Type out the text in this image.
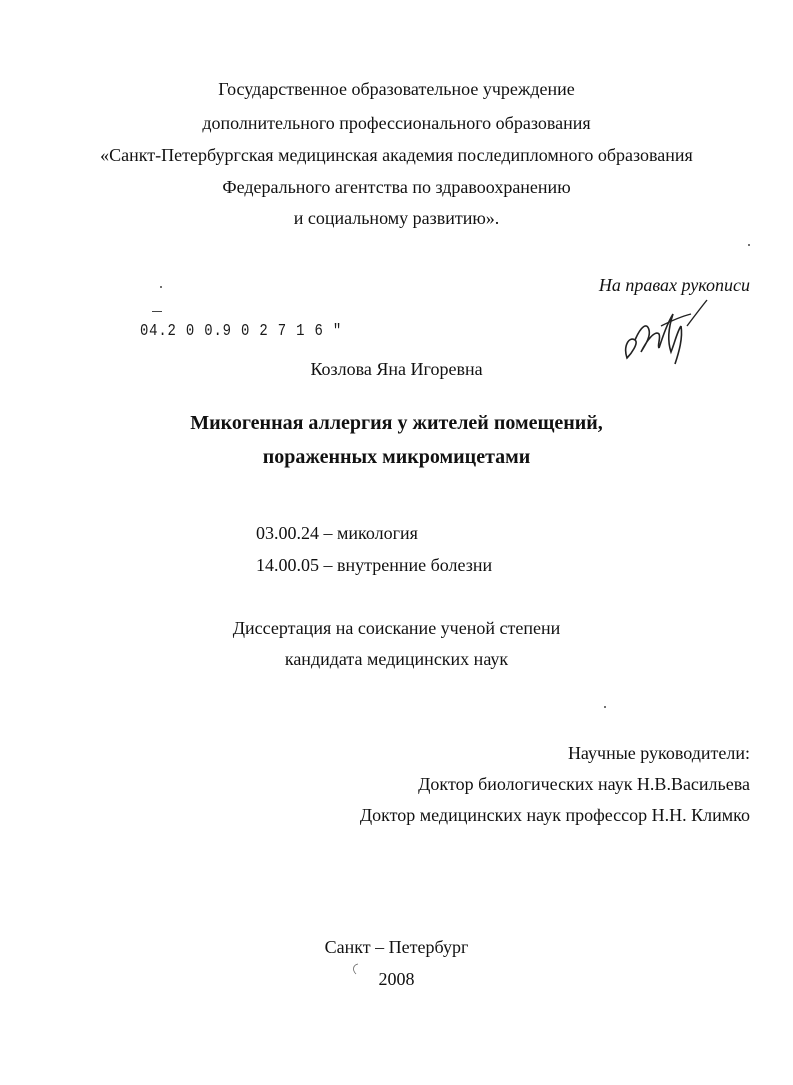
Государственное образовательное учреждение
дополнительного профессионального образования
«Санкт-Петербургская медицинская академия последипломного образования
Федерального агентства по здравоохранению
и социальному развитию».
На правах рукописи
04.2 0 0.9 0 2 7 1 6 "
Козлова Яна Игоревна
Микогенная аллергия у жителей помещений,
пораженных микромицетами
03.00.24 – микология
14.00.05 – внутренние болезни
Диссертация на соискание ученой степени
кандидата медицинских наук
Научные руководители:
Доктор биологических наук Н.В.Васильева
Доктор медицинских наук профессор Н.Н. Климко
Санкт – Петербург
2008
